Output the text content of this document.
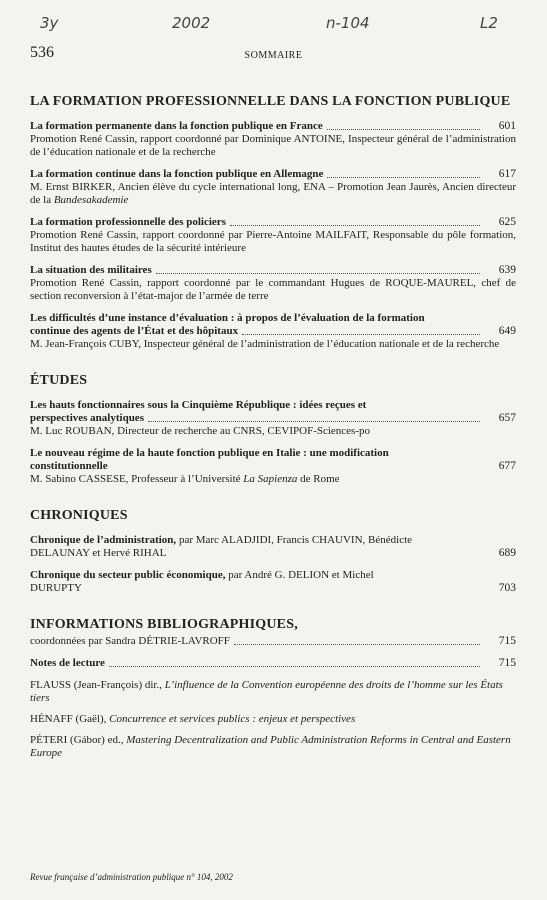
3y	2002	n-104	L2
536	SOMMAIRE
LA FORMATION PROFESSIONNELLE DANS LA FONCTION PUBLIQUE
La formation permanente dans la fonction publique en France	601
Promotion René Cassin, rapport coordonné par Dominique ANTOINE, Inspecteur général de l’administration de l’éducation nationale et de la recherche
La formation continue dans la fonction publique en Allemagne	617
M. Ernst BIRKER, Ancien élève du cycle international long, ENA – Promotion Jean Jaurès, Ancien directeur de la Bundesakademie
La formation professionnelle des policiers	625
Promotion René Cassin, rapport coordonné par Pierre-Antoine MAILFAIT, Responsable du pôle formation, Institut des hautes études de la sécurité intérieure
La situation des militaires	639
Promotion René Cassin, rapport coordonné par le commandant Hugues de ROQUE-MAUREL, chef de section reconversion à l’état-major de l’armée de terre
Les difficultés d’une instance d’évaluation : à propos de l’évaluation de la formation
continue des agents de l’État et des hôpitaux	649
M. Jean-François CUBY, Inspecteur général de l’administration de l’éducation nationale et de la recherche
ÉTUDES
Les hauts fonctionnaires sous la Cinquième République : idées reçues et
perspectives analytiques	657
M. Luc ROUBAN, Directeur de recherche au CNRS, CEVIPOF-Sciences-po
Le nouveau régime de la haute fonction publique en Italie : une modification
constitutionnelle	677
M. Sabino CASSESE, Professeur à l’Université La Sapienza de Rome
CHRONIQUES
Chronique de l’administration, par Marc ALADJIDI, Francis CHAUVIN, Bénédicte
DELAUNAY et Hervé RIHAL	689
Chronique du secteur public économique, par André G. DELION et Michel
DURUPTY	703
INFORMATIONS BIBLIOGRAPHIQUES,
coordonnées par Sandra DÉTRIE-LAVROFF	715
Notes de lecture	715
FLAUSS (Jean-François) dir., L’influence de la Convention européenne des droits de l’homme sur les États tiers
HÉNAFF (Gaël), Concurrence et services publics : enjeux et perspectives
PÉTERI (Gábor) ed., Mastering Decentralization and Public Administration Reforms in Central and Eastern Europe
Revue française d’administration publique n° 104, 2002
